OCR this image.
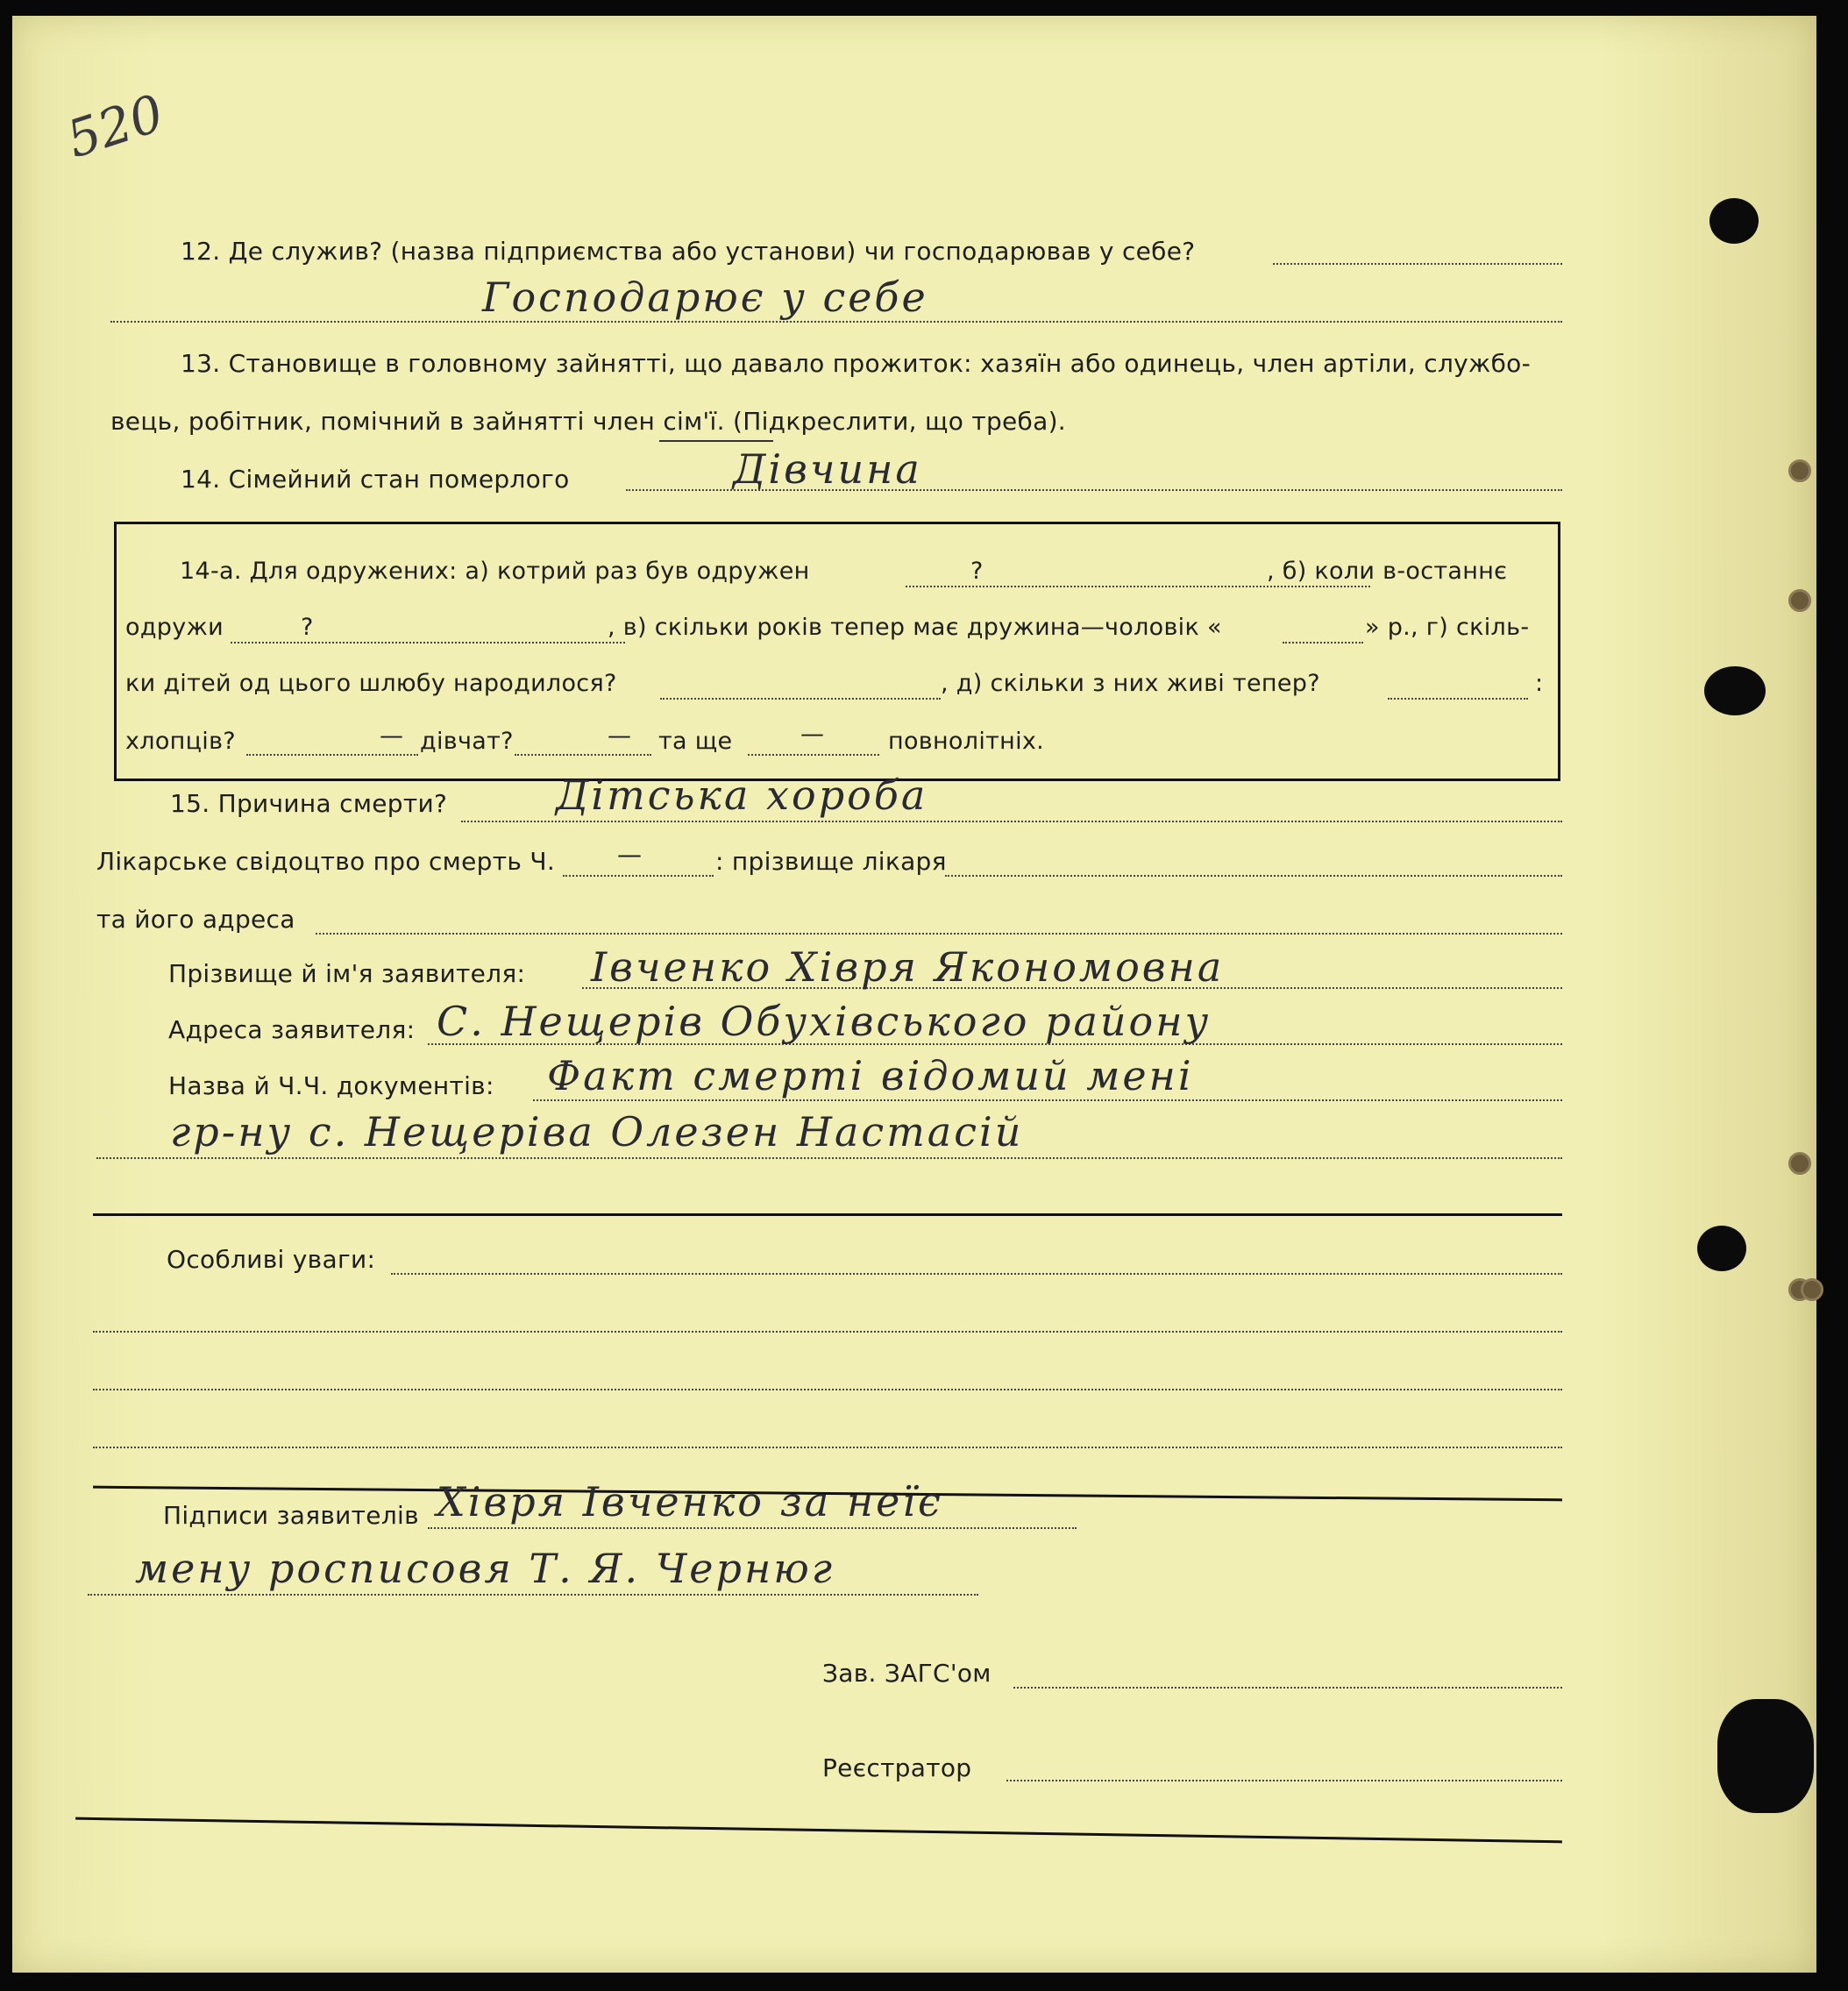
520
12. Де служив? (назва підприємства або установи) чи господарював у себе?
Господарює у себе
13. Становище в головному зайнятті, що давало прожиток: хазяїн або одинець, член артіли, службо-
вець, робітник, помічний в зайнятті член сім'ї. (Підкреслити, що треба).
14. Сімейний стан померлого	Дівчина
14-а. Для одружених: а) котрий раз був одружен	?	, б) коли в-останнє
одружи	?	, в) скільки років тепер має дружина—чоловік «	» р., г) скіль-
ки дітей од цього шлюбу народилося?	, д) скільки з них живі тепер?	:
хлопців?	— дівчат?	— та ще	—	повнолітніх.
15. Причина смерти?	Дітська хороба
Лікарське свідоцтво про смерть Ч.	—	: прізвище лікаря
та його адреса
Прізвище й ім'я заявителя: Івченко Хівря Якономовна
Адреса заявителя: С. Нещерів Обухівського району
Назва й Ч.Ч. документів: Факт смерті відомий мені
гр-ну с. Нещеріва Олезен Настасій
Особливі уваги:
Підписи заявителів Хівря Івченко за неїє
мену росписовя Т. Я. Чернюг
Зав. ЗАГС'ом
Реєстратор
